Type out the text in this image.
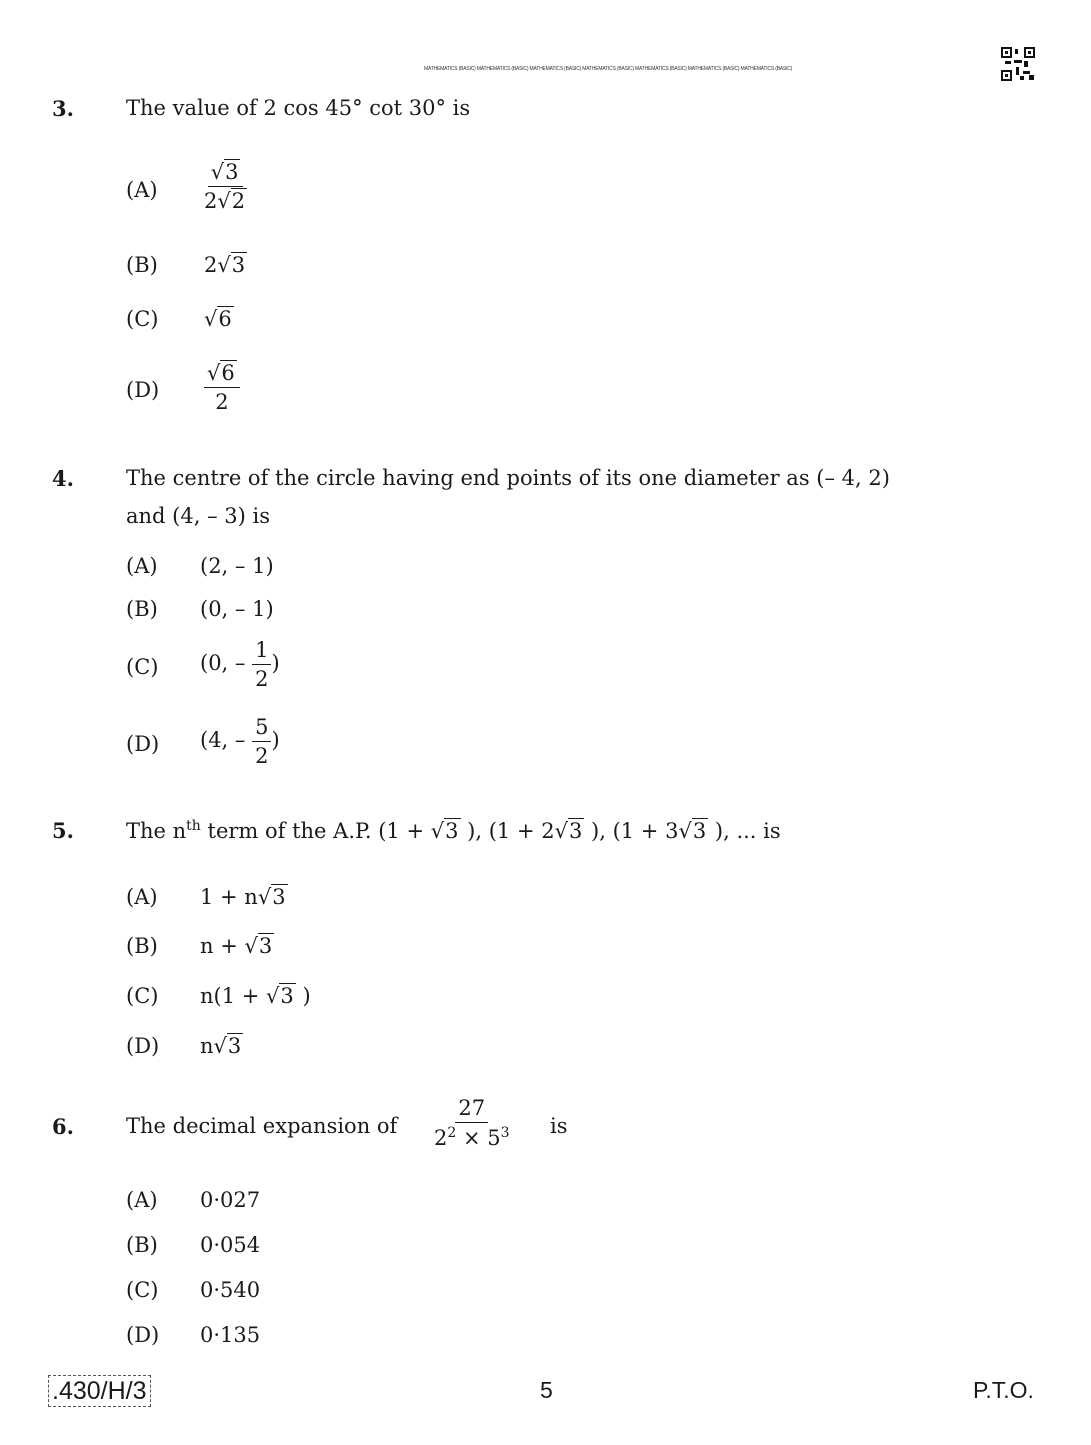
MATHEMATICS (BASIC) MATHEMATICS (BASIC) MATHEMATICS (BASIC) MATHEMATICS (BASIC) MATHEMATICS (BASIC) MATHEMATICS (BASIC) MATHEMATICS (BASIC)
3. The value of 2 cos 45° cot 30° is
$(A) \frac{√3}{2√2}$
(B) 2√3
(C) √6
$(D) \frac{√6}{2}$
4. The centre of the circle having end points of its one diameter as (– 4, 2)
and (4, – 3) is
(A) (2, – 1)
(B) (0, – 1)
(C) (0, – $\frac{1}{2}$ )
(D) (4, – $\frac{5}{2}$ )
5. The $n^{th}$ term of the A.P. (1 + √3 ), (1 + 2√3 ), (1 + 3√3 ), ... is
(A) 1 + n√3
(B) n + √3
(C) n(1 + √3 )
(D) n√3
6. The decimal expansion of $\frac{27}{2^2 \times 5^3}$ is
(A) 0·027
(B) 0·054
(C) 0·540
(D) 0·135
.430/H/3	5	P.T.O.
